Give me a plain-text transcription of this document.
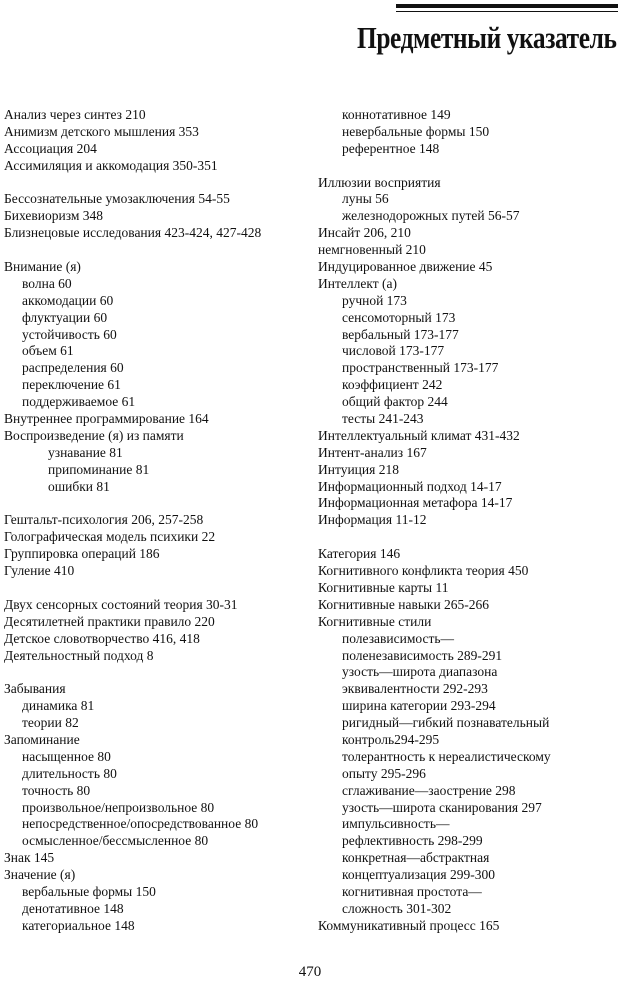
Предметный указатель
Анализ через синтез 210
Анимизм детского мышления 353
Ассоциация 204
Ассимиляция и аккомодация 350-351
Бессознательные умозаключения 54-55
Бихевиоризм 348
Близнецовые исследования 423-424, 427-428
Внимание (я)
волна 60
аккомодации 60
флуктуации 60
устойчивость 60
объем 61
распределения 60
переключение 61
поддерживаемое 61
Внутреннее программирование 164
Воспроизведение (я) из памяти
узнавание 81
припоминание 81
ошибки 81
Гештальт-психология 206, 257-258
Голографическая модель психики 22
Группировка операций 186
Гуление 410
Двух сенсорных состояний теория 30-31
Десятилетней практики правило 220
Детское словотворчество 416, 418
Деятельностный подход 8
Забывания
динамика 81
теории 82
Запоминание
насыщенное 80
длительность 80
точность 80
произвольное/непроизвольное 80
непосредственное/опосредствованное 80
осмысленное/бессмысленное 80
Знак 145
Значение (я)
вербальные формы 150
денотативное 148
категориальное 148
коннотативное 149
невербальные формы 150
референтное 148
Иллюзии восприятия
луны 56
железнодорожных путей 56-57
Инсайт 206, 210
немгновенный 210
Индуцированное движение 45
Интеллект (а)
ручной 173
сенсомоторный 173
вербальный 173-177
числовой 173-177
пространственный 173-177
коэффициент 242
общий фактор 244
тесты 241-243
Интеллектуальный климат 431-432
Интент-анализ 167
Интуиция 218
Информационный подход 14-17
Информационная метафора 14-17
Информация 11-12
Категория 146
Когнитивного конфликта теория 450
Когнитивные карты 11
Когнитивные навыки 265-266
Когнитивные стили
полезависимость—
поленезависимость 289-291
узость—широта диапазона
эквивалентности 292-293
ширина категории 293-294
ригидный—гибкий познавательный
контроль294-295
толерантность к нереалистическому
опыту 295-296
сглаживание—заострение 298
узость—широта сканирования 297
импульсивность—
рефлективность 298-299
конкретная—абстрактная
концептуализация 299-300
когнитивная простота—
сложность 301-302
Коммуникативный процесс 165
470
